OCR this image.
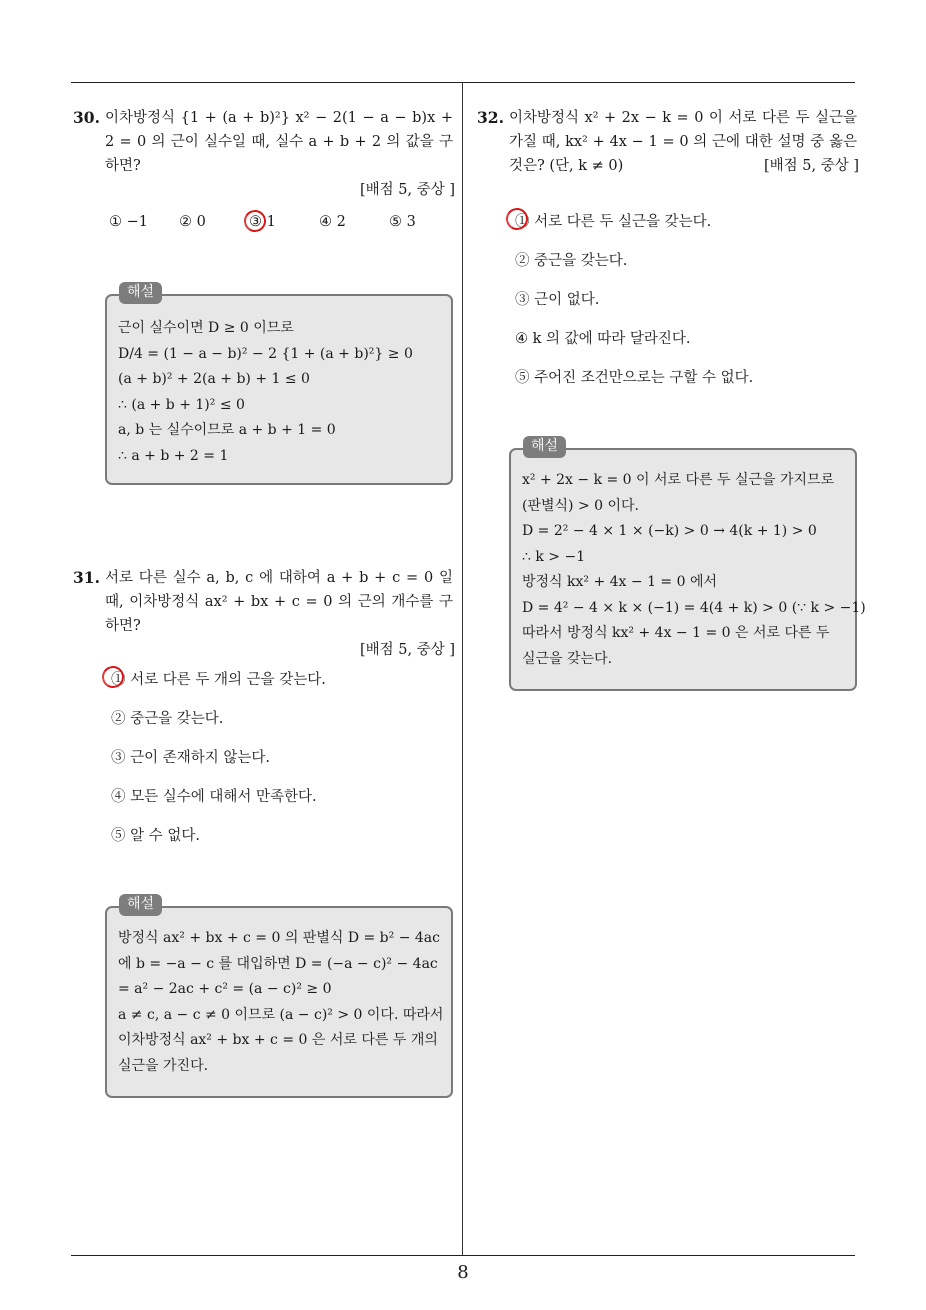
8
30. 이차방정식 {1 + (a + b)²} x² − 2(1 − a − b)x + 2 = 0 의 근이 실수일 때, 실수 a + b + 2 의 값을 구하면?
[배점 5, 중상 ]
① −1	② 0	③ 1	④ 2	⑤ 3
해설
근이 실수이면 D ≥ 0 이므로
D/4 = (1 − a − b)² − 2 {1 + (a + b)²} ≥ 0
(a + b)² + 2(a + b) + 1 ≤ 0
∴ (a + b + 1)² ≤ 0
a, b 는 실수이므로 a + b + 1 = 0
∴ a + b + 2 = 1
31. 서로 다른 실수 a, b, c 에 대하여 a + b + c = 0 일 때, 이차방정식 ax² + bx + c = 0 의 근의 개수를 구하면?
[배점 5, 중상 ]
① 서로 다른 두 개의 근을 갖는다.
② 중근을 갖는다.
③ 근이 존재하지 않는다.
④ 모든 실수에 대해서 만족한다.
⑤ 알 수 없다.
해설
방정식 ax² + bx + c = 0 의 판별식 D = b² − 4ac
에 b = −a − c 를 대입하면 D = (−a − c)² − 4ac
= a² − 2ac + c² = (a − c)² ≥ 0
a ≠ c, a − c ≠ 0 이므로 (a − c)² > 0 이다. 따라서
이차방정식 ax² + bx + c = 0 은 서로 다른 두 개의
실근을 가진다.
32. 이차방정식 x² + 2x − k = 0 이 서로 다른 두 실근을 가질 때, kx² + 4x − 1 = 0 의 근에 대한 설명 중 옳은 것은? (단, k ≠ 0)	[배점 5, 중상 ]
① 서로 다른 두 실근을 갖는다.
② 중근을 갖는다.
③ 근이 없다.
④ k 의 값에 따라 달라진다.
⑤ 주어진 조건만으로는 구할 수 없다.
해설
x² + 2x − k = 0 이 서로 다른 두 실근을 가지므로
(판별식) > 0 이다.
D = 2² − 4 × 1 × (−k) > 0 → 4(k + 1) > 0
∴ k > −1
방정식 kx² + 4x − 1 = 0 에서
D = 4² − 4 × k × (−1) = 4(4 + k) > 0 (∵ k > −1)
따라서 방정식 kx² + 4x − 1 = 0 은 서로 다른 두
실근을 갖는다.
